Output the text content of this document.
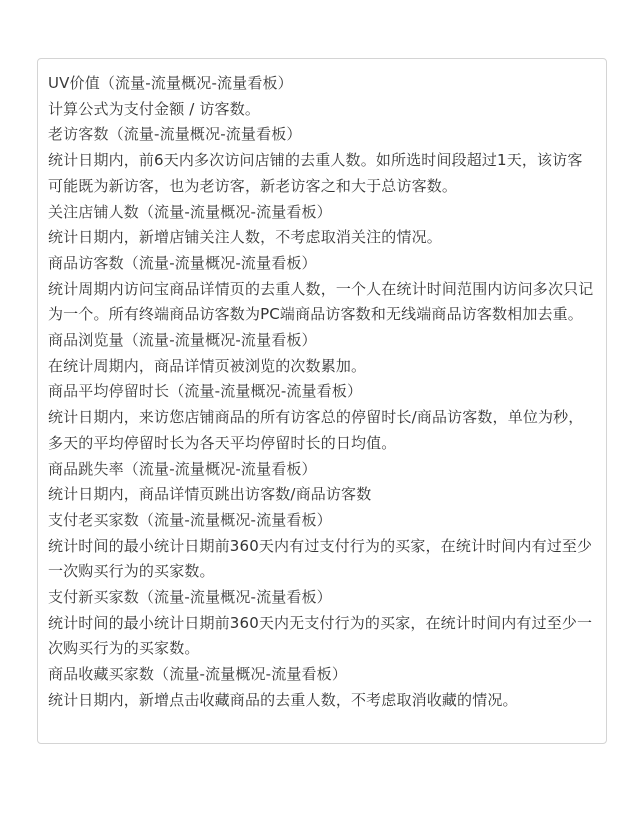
UV价值（流量-流量概况-流量看板）
计算公式为支付金额 / 访客数。
老访客数（流量-流量概况-流量看板）
统计日期内，前6天内多次访问店铺的去重人数。如所选时间段超过1天，该访客可能既为新访客，也为老访客，新老访客之和大于总访客数。
关注店铺人数（流量-流量概况-流量看板）
统计日期内，新增店铺关注人数，不考虑取消关注的情况。
商品访客数（流量-流量概况-流量看板）
统计周期内访问宝商品详情页的去重人数，一个人在统计时间范围内访问多次只记为一个。所有终端商品访客数为PC端商品访客数和无线端商品访客数相加去重。
商品浏览量（流量-流量概况-流量看板）
在统计周期内，商品详情页被浏览的次数累加。
商品平均停留时长（流量-流量概况-流量看板）
统计日期内，来访您店铺商品的所有访客总的停留时长/商品访客数，单位为秒，多天的平均停留时长为各天平均停留时长的日均值。
商品跳失率（流量-流量概况-流量看板）
统计日期内，商品详情页跳出访客数/商品访客数
支付老买家数（流量-流量概况-流量看板）
统计时间的最小统计日期前360天内有过支付行为的买家，在统计时间内有过至少一次购买行为的买家数。
支付新买家数（流量-流量概况-流量看板）
统计时间的最小统计日期前360天内无支付行为的买家，在统计时间内有过至少一次购买行为的买家数。
商品收藏买家数（流量-流量概况-流量看板）
统计日期内，新增点击收藏商品的去重人数，不考虑取消收藏的情况。
